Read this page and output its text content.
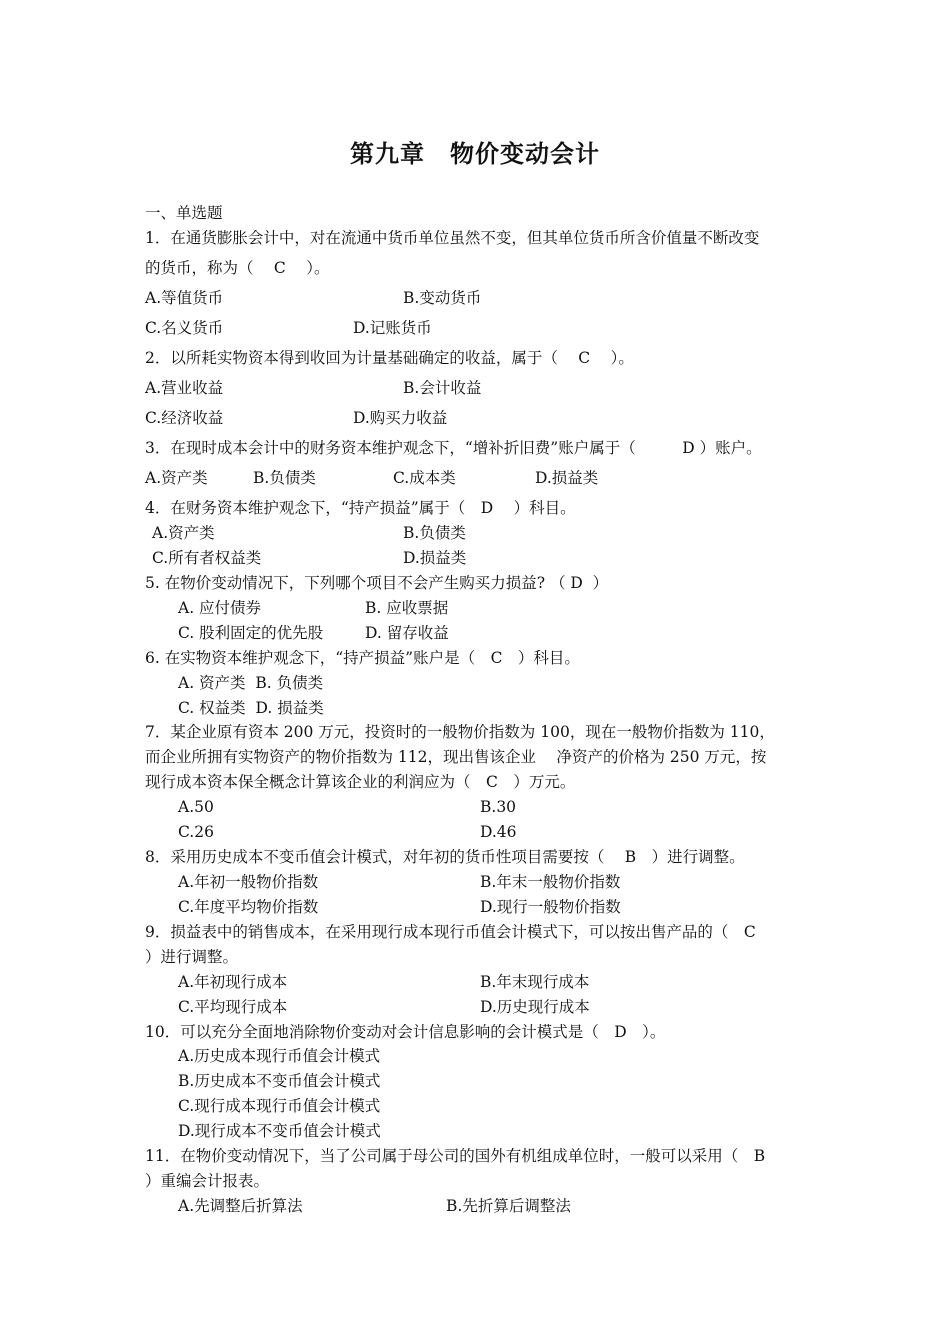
第九章　物价变动会计
一、单选题
1．在通货膨胀会计中，对在流通中货币单位虽然不变，但其单位货币所含价值量不断改变
的货币，称为（　 C 　）。
A.等值货币	B.变动货币
C.名义货币	D.记账货币
2．以所耗实物资本得到收回为计量基础确定的收益，属于（　 C 　）。
A.营业收益	B.会计收益
C.经济收益	D.购买力收益
3．在现时成本会计中的财务资本维护观念下，“增补折旧费”账户属于（　　　D ）账户。
A.资产类	B.负债类	C.成本类	D.损益类
4．在财务资本维护观念下，“持产损益”属于（　D　 ）科目。
A.资产类	B.负债类
C.所有者权益类	D.损益类
5. 在物价变动情况下，下列哪个项目不会产生购买力损益? （ D  ）
A. 应付债券	B. 应收票据
C. 股利固定的优先股	D. 留存收益
6. 在实物资本维护观念下，“持产损益”账户是（　C　）科目。
A. 资产类  B. 负债类
C. 权益类  D. 损益类
7．某企业原有资本 200 万元，投资时的一般物价指数为 100，现在一般物价指数为 110，
而企业所拥有实物资产的物价指数为 112，现出售该企业　 净资产的价格为 250 万元，按
现行成本资本保全概念计算该企业的利润应为（　C　）万元。
A.50	B.30
C.26	D.46
8．采用历史成本不变币值会计模式，对年初的货币性项目需要按（　 B　）进行调整。
A.年初一般物价指数	B.年末一般物价指数
C.年度平均物价指数	D.现行一般物价指数
9．损益表中的销售成本，在采用现行成本现行币值会计模式下，可以按出售产品的（　C
）进行调整。
A.年初现行成本	B.年末现行成本
C.平均现行成本	D.历史现行成本
10．可以充分全面地消除物价变动对会计信息影响的会计模式是（　D　）。
A.历史成本现行币值会计模式
B.历史成本不变币值会计模式
C.现行成本现行币值会计模式
D.现行成本不变币值会计模式
11．在物价变动情况下，当了公司属于母公司的国外有机组成单位时，一般可以采用（　B
）重编会计报表。
A.先调整后折算法	B.先折算后调整法
